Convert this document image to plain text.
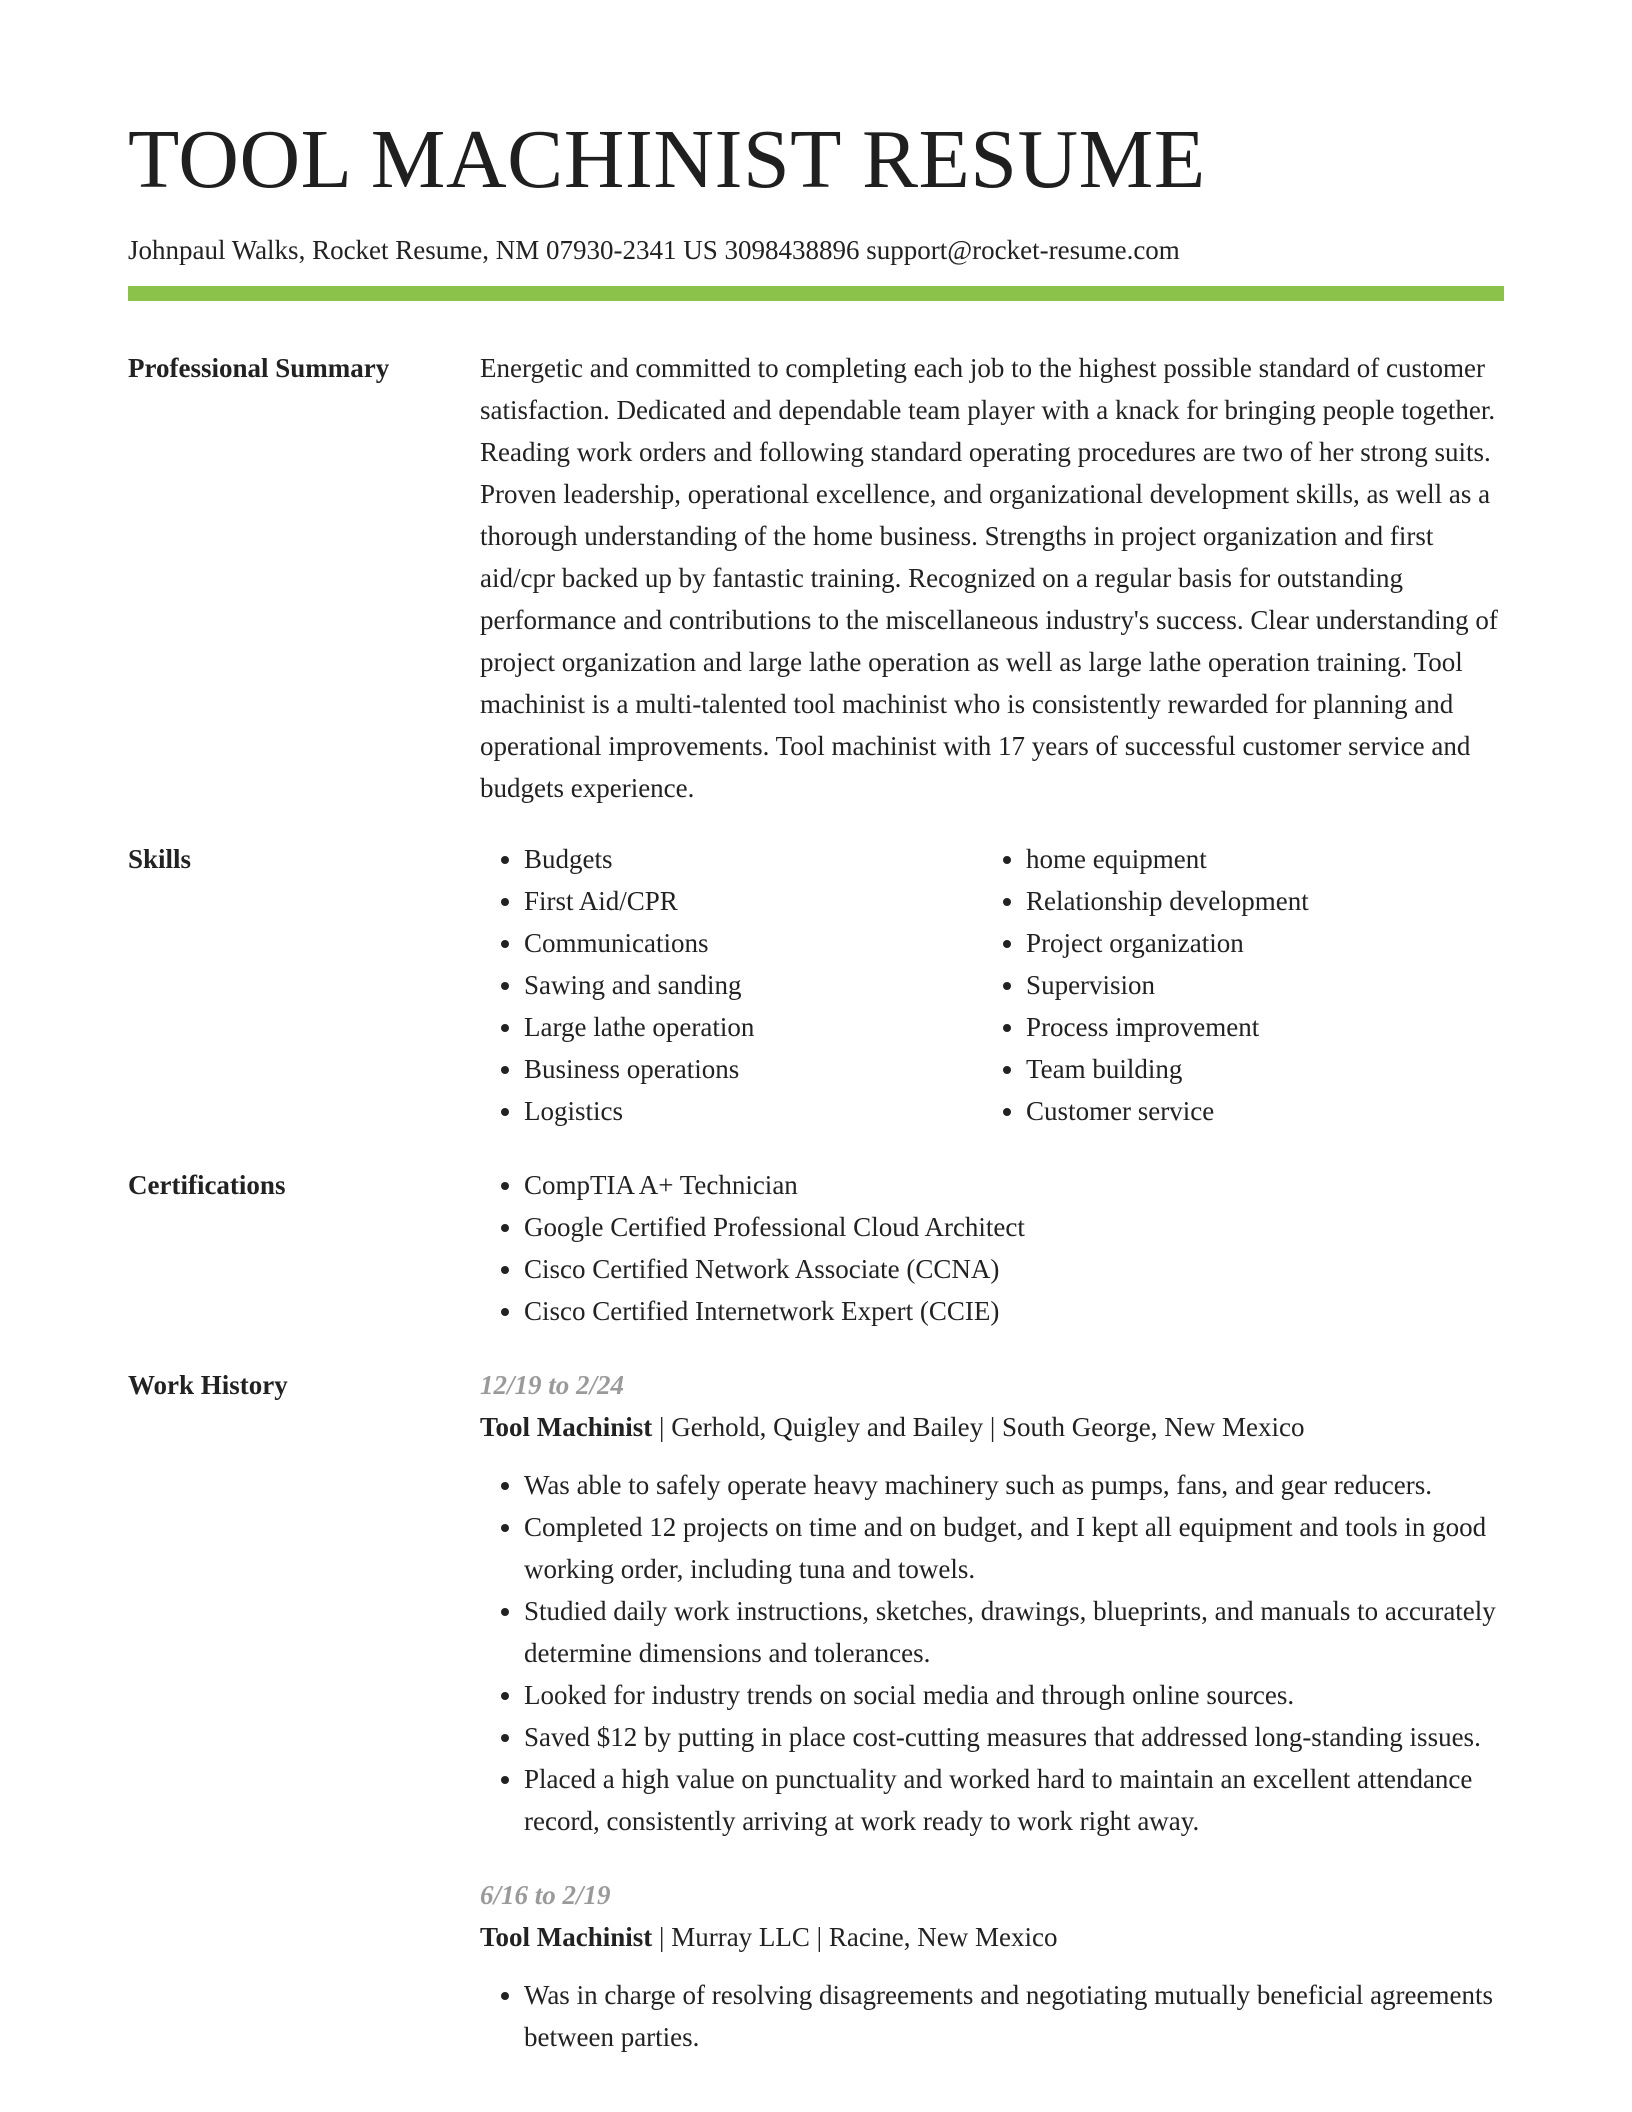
TOOL MACHINIST RESUME
Johnpaul Walks, Rocket Resume, NM 07930-2341 US 3098438896 support@rocket-resume.com
Professional Summary	Energetic and committed to completing each job to the highest possible standard of customer satisfaction. Dedicated and dependable team player with a knack for bringing people together. Reading work orders and following standard operating procedures are two of her strong suits. Proven leadership, operational excellence, and organizational development skills, as well as a thorough understanding of the home business. Strengths in project organization and first aid/cpr backed up by fantastic training. Recognized on a regular basis for outstanding performance and contributions to the miscellaneous industry's success. Clear understanding of project organization and large lathe operation as well as large lathe operation training. Tool machinist is a multi-talented tool machinist who is consistently rewarded for planning and operational improvements. Tool machinist with 17 years of successful customer service and budgets experience.

Skills	• Budgets
• First Aid/CPR
• Communications
• Sawing and sanding
• Large lathe operation
• Business operations
• Logistics
• home equipment
• Relationship development
• Project organization
• Supervision
• Process improvement
• Team building
• Customer service
Certifications	• CompTIA A+ Technician
• Google Certified Professional Cloud Architect
• Cisco Certified Network Associate (CCNA)
• Cisco Certified Internetwork Expert (CCIE)
Work History	12/19 to 2/24
Tool Machinist | Gerhold, Quigley and Bailey | South George, New Mexico
• Was able to safely operate heavy machinery such as pumps, fans, and gear reducers.
• Completed 12 projects on time and on budget, and I kept all equipment and tools in good working order, including tuna and towels.
• Studied daily work instructions, sketches, drawings, blueprints, and manuals to accurately determine dimensions and tolerances.
• Looked for industry trends on social media and through online sources.
• Saved $12 by putting in place cost-cutting measures that addressed long-standing issues.
• Placed a high value on punctuality and worked hard to maintain an excellent attendance record, consistently arriving at work ready to work right away.
6/16 to 2/19
Tool Machinist | Murray LLC | Racine, New Mexico
• Was in charge of resolving disagreements and negotiating mutually beneficial agreements between parties.
